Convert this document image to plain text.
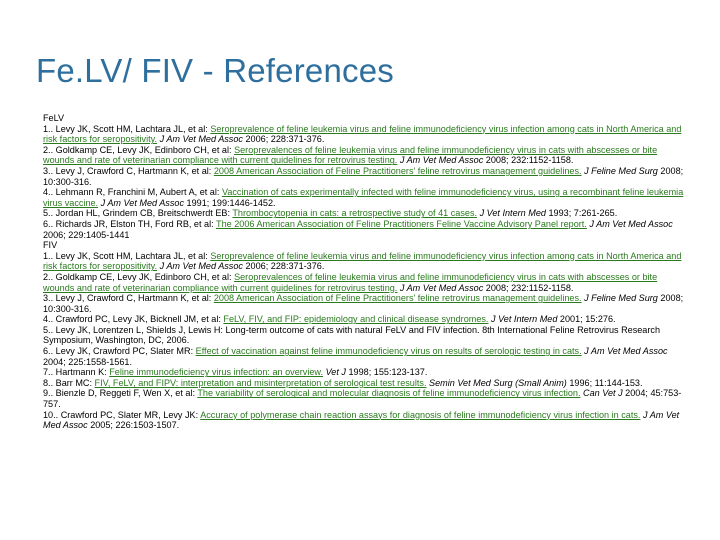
Fe.LV/ FIV - References

FeLV

1.. Levy JK, Scott HM, Lachtara JL, et al: Seroprevalence of feline leukemia virus and feline immunodeficiency virus infection among cats in North America and risk factors for seropositivity. J Am Vet Med Assoc 2006; 228:371-376.

2.. Goldkamp CE, Levy JK, Edinboro CH, et al: Seroprevalences of feline leukemia virus and feline immunodeficiency virus in cats with abscesses or bite wounds and rate of veterinarian compliance with current guidelines for retrovirus testing. J Am Vet Med Assoc 2008; 232:1152-1158.

3.. Levy J, Crawford C, Hartmann K, et al: 2008 American Association of Feline Practitioners' feline retrovirus management guidelines. J Feline Med Surg 2008; 10:300-316.

4.. Lehmann R, Franchini M, Aubert A, et al: Vaccination of cats experimentally infected with feline immunodeficiency virus, using a recombinant feline leukemia virus vaccine. J Am Vet Med Assoc 1991; 199:1446-1452.

5.. Jordan HL, Grindem CB, Breitschwerdt EB: Thrombocytopenia in cats: a retrospective study of 41 cases. J Vet Intern Med 1993; 7:261-265.

6.. Richards JR, Elston TH, Ford RB, et al: The 2006 American Association of Feline Practitioners Feline Vaccine Advisory Panel report. J Am Vet Med Assoc 2006; 229:1405-1441

FIV

1.. Levy JK, Scott HM, Lachtara JL, et al: Seroprevalence of feline leukemia virus and feline immunodeficiency virus infection among cats in North America and risk factors for seropositivity. J Am Vet Med Assoc 2006; 228:371-376.

2.. Goldkamp CE, Levy JK, Edinboro CH, et al: Seroprevalences of feline leukemia virus and feline immunodeficiency virus in cats with abscesses or bite wounds and rate of veterinarian compliance with current guidelines for retrovirus testing. J Am Vet Med Assoc 2008; 232:1152-1158.

3.. Levy J, Crawford C, Hartmann K, et al: 2008 American Association of Feline Practitioners' feline retrovirus management guidelines. J Feline Med Surg 2008; 10:300-316.

4.. Crawford PC, Levy JK, Bicknell JM, et al: FeLV, FIV, and FIP: epidemiology and clinical disease syndromes. J Vet Intern Med 2001; 15:276.

5.. Levy JK, Lorentzen L, Shields J, Lewis H: Long-term outcome of cats with natural FeLV and FIV infection. 8th International Feline Retrovirus Research Symposium, Washington, DC, 2006.

6.. Levy JK, Crawford PC, Slater MR: Effect of vaccination against feline immunodeficiency virus on results of serologic testing in cats. J Am Vet Med Assoc 2004; 225:1558-1561.

7.. Hartmann K: Feline immunodeficiency virus infection: an overview. Vet J 1998; 155:123-137.

8.. Barr MC: FIV, FeLV, and FIPV: interpretation and misinterpretation of serological test results. Semin Vet Med Surg (Small Anim) 1996; 11:144-153.

9.. Bienzle D, Reggeti F, Wen X, et al: The variability of serological and molecular diagnosis of feline immunodeficiency virus infection. Can Vet J 2004; 45:753-757.

10.. Crawford PC, Slater MR, Levy JK: Accuracy of polymerase chain reaction assays for diagnosis of feline immunodeficiency virus infection in cats. J Am Vet Med Assoc 2005; 226:1503-1507.
